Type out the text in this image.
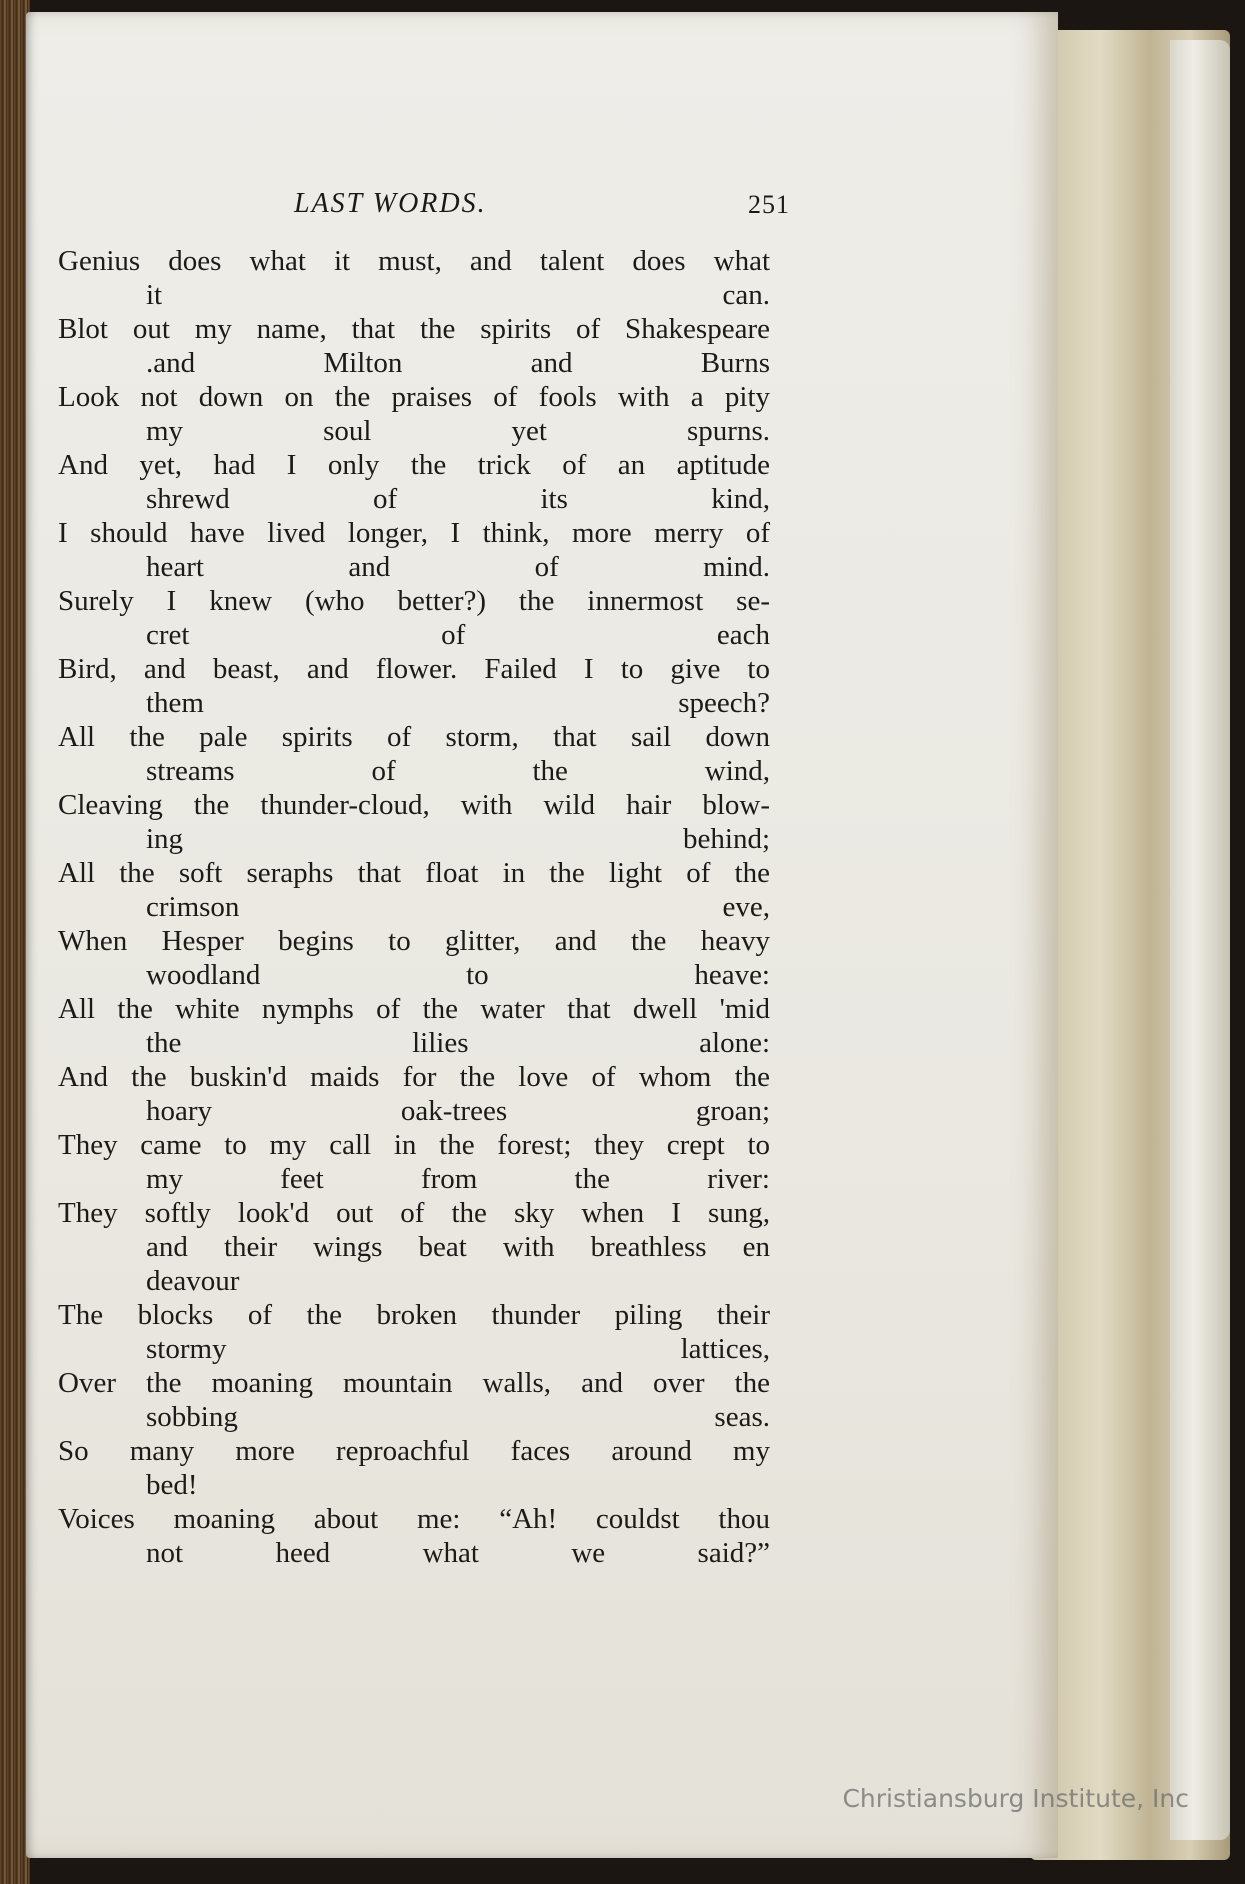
LAST WORDS.	251
Genius does what it must, and talent does what
it can.
Blot out my name, that the spirits of Shakespeare
.and Milton and Burns
Look not down on the praises of fools with a pity
my soul yet spurns.
And yet, had I only the trick of an aptitude
shrewd of its kind,
I should have lived longer, I think, more merry of
heart and of mind.
Surely I knew (who better?) the innermost se-
cret of each
Bird, and beast, and flower. Failed I to give to
them speech?
All the pale spirits of storm, that sail down
streams of the wind,
Cleaving the thunder-cloud, with wild hair blow-
ing behind;
All the soft seraphs that float in the light of the
crimson eve,
When Hesper begins to glitter, and the heavy
woodland to heave:
All the white nymphs of the water that dwell 'mid
the lilies alone:
And the buskin'd maids for the love of whom the
hoary oak-trees groan;
They came to my call in the forest; they crept to
my feet from the river:
They softly look'd out of the sky when I sung,
and their wings beat with breathless en
deavour
The blocks of the broken thunder piling their
stormy lattices,
Over the moaning mountain walls, and over the
sobbing seas.
So many more reproachful faces around my
bed!
Voices moaning about me: “Ah! couldst thou
not heed what we said?”
Christiansburg Institute, Inc
